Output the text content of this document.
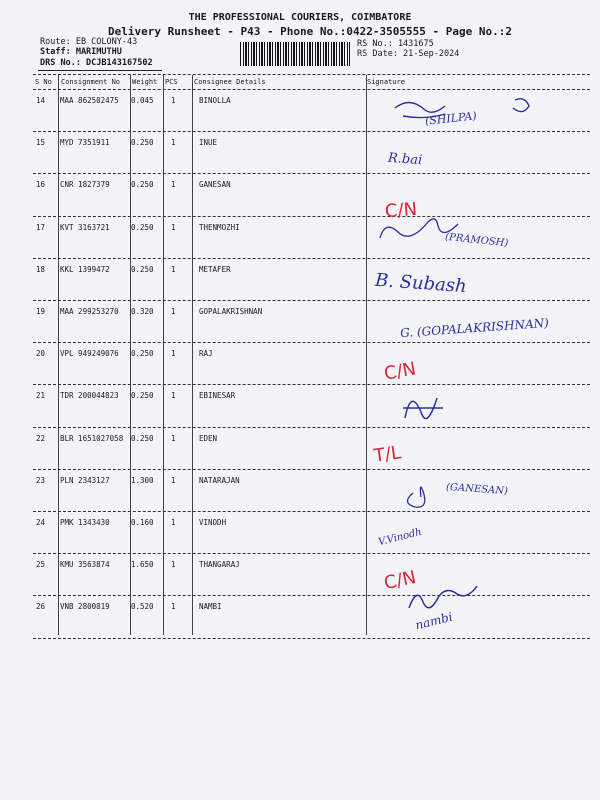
THE PROFESSIONAL COURIERS, COIMBATORE
Delivery Runsheet - P43 - Phone No.:0422-3505555 - Page No.:2
Route: EB COLONY-43
Staff: MARIMUTHU
DRS No.: DCJB143167502
RS No.: 1431675
RS Date: 21-Sep-2024
S No Consignment No Weight PCS Consignee Details	Signature
14 MAA 862502475 0.045 1	BINOLLA
(SHILPA)
15 MYD 7351911	0.250 1	INUE
R.bai
16 CNR 1827379	0.250 1	GANESAN
C/N
17 KVT 3163721	0.250 1	THENMOZHI
(PRAMOSH)
18 KKL 1399472	0.250 1	METAFER
B. Subash
19 MAA 299253270 0.320 1	GOPALAKRISHNAN
G. (GOPALAKRISHNAN)
20 VPL 949249076 0.250 1	RAJ
C/N
21 TDR 200044823 0.250 1	EBINESAR
22 BLR 1651027058 0.250 1	EDEN
T/L
23 PLN 2343127	1.300 1	NATARAJAN
(GANESAN)
24 PMK 1343430	0.160 1	VINODH
V.Vinodh
25 KMU 3563874	1.650 1	THANGARAJ
C/N
26 VNB 2800819	0.520 1	NAMBI
nambi
